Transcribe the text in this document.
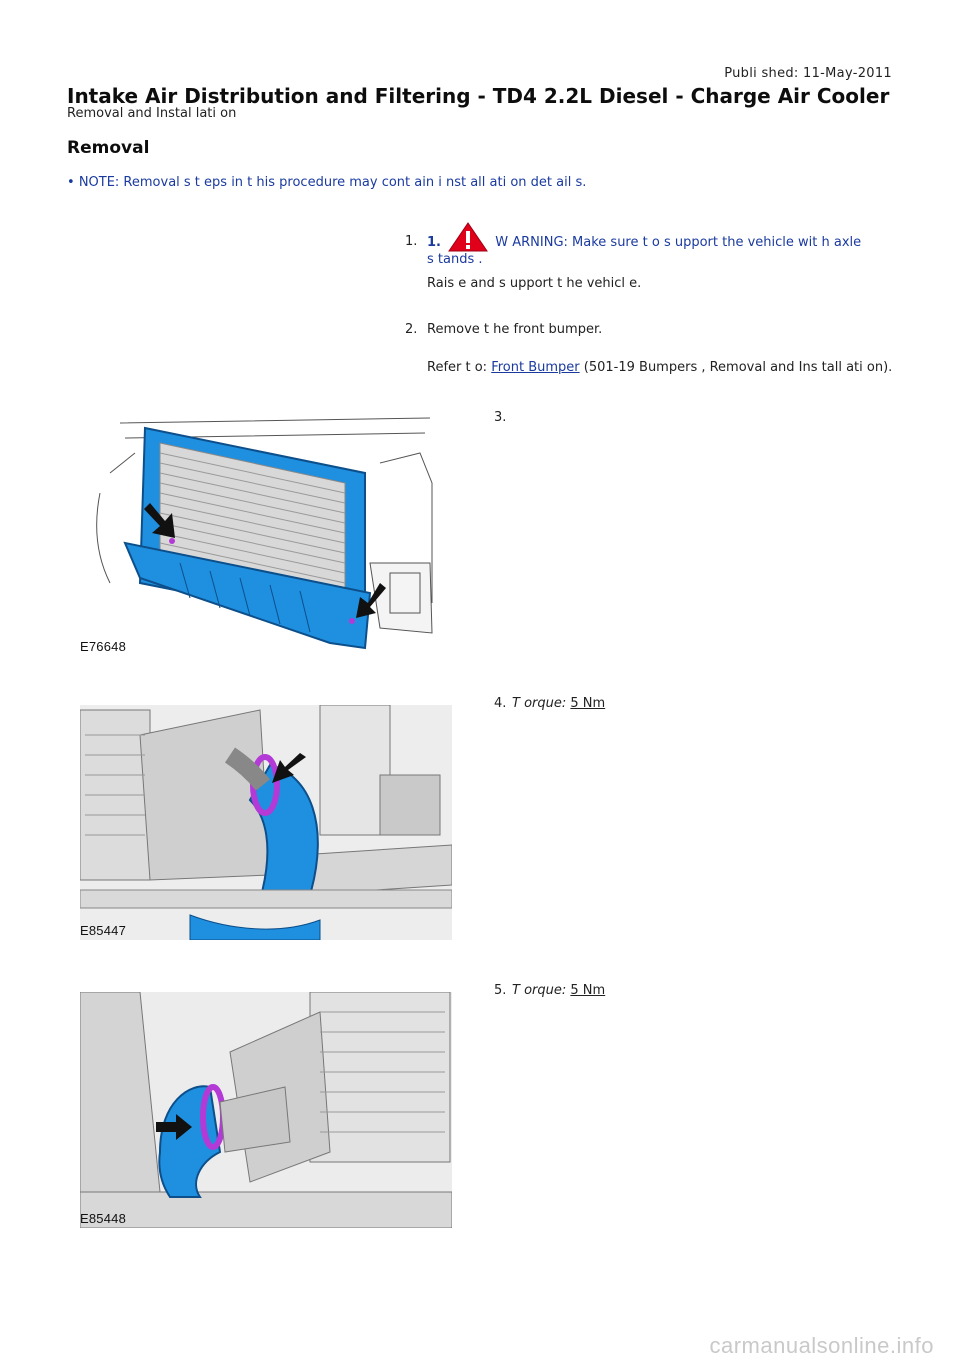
Publi shed: 11-May-2011
Intake Air Distribution and Filtering - TD4 2.2L Diesel - Charge Air Cooler
Removal and Instal lati on
Removal
• NOTE: Removal s t eps in t his procedure may cont ain i nst all ati on det ail s.
1. 1.	W ARNING: Make sure t o s upport the vehicle wit h axle
s tands .
Rais e and s upport t he vehicl e.
2. Remove t he front bumper.
Refer t o: Front Bumper (501-19 Bumpers , Removal and Ins tall ati on).
3.
E76648
4. T orque: 5 Nm
E85447
5. T orque: 5 Nm
E85448
carmanualsonline.info
